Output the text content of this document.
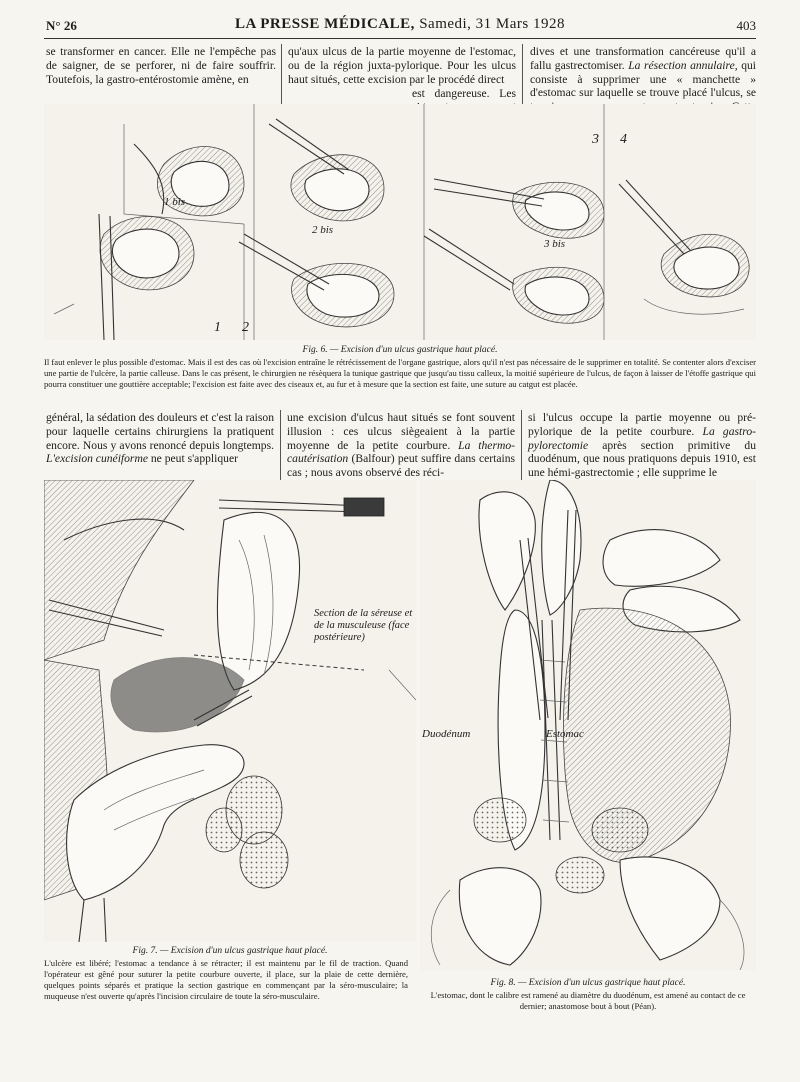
N° 26	LA PRESSE MÉDICALE, Samedi, 31 Mars 1928	403

se transformer en cancer. Elle ne l'empêche pas de saigner, de se perforer, ni de faire souffrir. Toutefois, la gastro-entérostomie amène, en

qu'aux ulcus de la partie moyenne de l'estomac, ou de la région juxta-pylorique. Pour les ulcus haut situés, cette excision par le procédé direct

est dangereuse. Les

dives et une transformation cancéreuse qu'il a fallu gastrectomiser. La résection annulaire, qui consiste à supprimer une « manchette » d'estomac sur laquelle se trouve placé l'ulcus, se

1 bis
1 2
2 bis
3
3 bis
4
Fig. 6. — Excision d'un ulcus gastrique haut placé.
Il faut enlever le plus possible d'estomac. Mais il est des cas où l'excision entraîne le rétrécissement de l'organe gastrique, alors qu'il n'est pas nécessaire de le supprimer en totalité. Se contenter alors d'exciser une partie de l'ulcère, la partie calleuse. Dans le cas présent, le chirurgien ne résèquera la tunique gastrique que jusqu'au tissu calleux, la moitié supérieure de l'ulcus, de façon à laisser de l'étoffe gastrique qui pourra constituer une gouttière acceptable; l'excision est faite avec des ciseaux et, au fur et à mesure que la section est faite, une suture au catgut est placée.

général, la sédation des douleurs et c'est la raison pour laquelle certains chirurgiens la pratiquent encore. Nous y avons renoncé depuis longtemps. L'excision cunéiforme ne peut s'appliquer

une excision d'ulcus haut situés se font souvent illusion : ces ulcus siègeaient à la partie moyenne de la petite courbure. La thermo-cautérisation (Balfour) peut suffire dans certains cas ; nous avons observé des réci-

si l'ulcus occupe la partie moyenne ou pré-pylorique de la petite courbure. La gastro-pylorectomie après section primitive du duodénum, que nous pratiquons depuis 1910, est une hémi-gastrectomie ; elle supprime le

Section de la séreuse et de la musculeuse (face postérieure)
Fig. 7. — Excision d'un ulcus gastrique haut placé.
L'ulcère est libéré; l'estomac a tendance à se rétracter; il est maintenu par le fil de traction. Quand l'opérateur est gêné pour suturer la petite courbure ouverte, il place, sur la plaie de cette dernière, quelques points séparés et pratique la section gastrique en commençant par la séro-musculaire; la muqueuse n'est ouverte qu'après l'incision circulaire de toute la séro-musculaire.
Duodénum	Estomac
Fig. 8. — Excision d'un ulcus gastrique haut placé.
L'estomac, dont le calibre est ramené au diamètre du duodénum, est amené au contact de ce dernier; anastomose bout à bout (Péan).
